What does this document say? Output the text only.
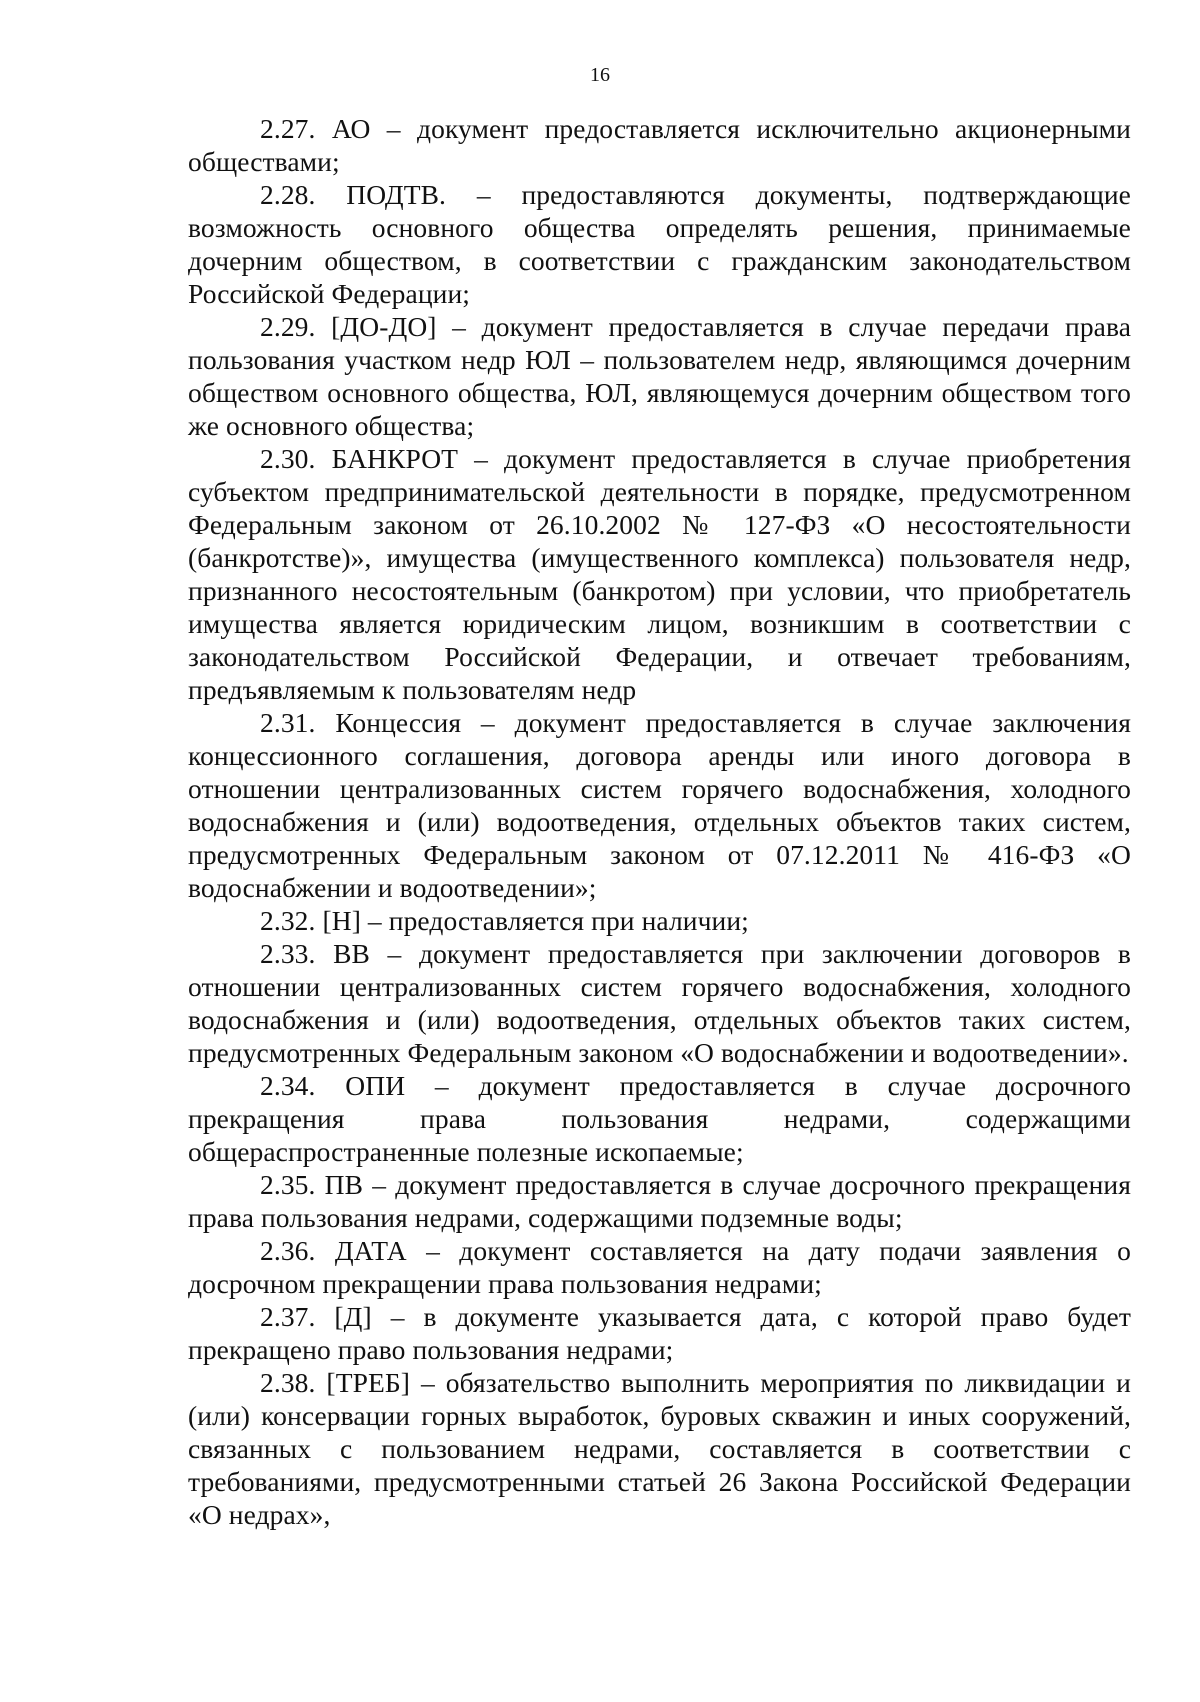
16

2.27. АО – документ предоставляется исключительно акционерными обществами;

2.28. ПОДТВ. – предоставляются документы, подтверждающие возможность основного общества определять решения, принимаемые дочерним обществом, в соответствии с гражданским законодательством Российской Федерации;

2.29. [ДО-ДО] – документ предоставляется в случае передачи права пользования участком недр ЮЛ – пользователем недр, являющимся дочерним обществом основного общества, ЮЛ, являющемуся дочерним обществом того же основного общества;

2.30. БАНКРОТ – документ предоставляется в случае приобретения субъектом предпринимательской деятельности в порядке, предусмотренном Федеральным законом от 26.10.2002 № 127-ФЗ «О несостоятельности (банкротстве)», имущества (имущественного комплекса) пользователя недр, признанного несостоятельным (банкротом) при условии, что приобретатель имущества является юридическим лицом, возникшим в соответствии с законодательством Российской Федерации, и отвечает требованиям, предъявляемым к пользователям недр

2.31. Концессия – документ предоставляется в случае заключения концессионного соглашения, договора аренды или иного договора в отношении централизованных систем горячего водоснабжения, холодного водоснабжения и (или) водоотведения, отдельных объектов таких систем, предусмотренных Федеральным законом от 07.12.2011 № 416-ФЗ «О водоснабжении и водоотведении»;

2.32. [Н] – предоставляется при наличии;

2.33. ВВ – документ предоставляется при заключении договоров в отношении централизованных систем горячего водоснабжения, холодного водоснабжения и (или) водоотведения, отдельных объектов таких систем, предусмотренных Федеральным законом «О водоснабжении и водоотведении».

2.34. ОПИ – документ предоставляется в случае досрочного прекращения права пользования недрами, содержащими общераспространенные полезные ископаемые;

2.35. ПВ – документ предоставляется в случае досрочного прекращения права пользования недрами, содержащими подземные воды;

2.36. ДАТА – документ составляется на дату подачи заявления о досрочном прекращении права пользования недрами;

2.37. [Д] – в документе указывается дата, с которой право будет прекращено право пользования недрами;

2.38. [ТРЕБ] – обязательство выполнить мероприятия по ликвидации и (или) консервации горных выработок, буровых скважин и иных сооружений, связанных с пользованием недрами, составляется в соответствии с требованиями, предусмотренными статьей 26 Закона Российской Федерации «О недрах»,
